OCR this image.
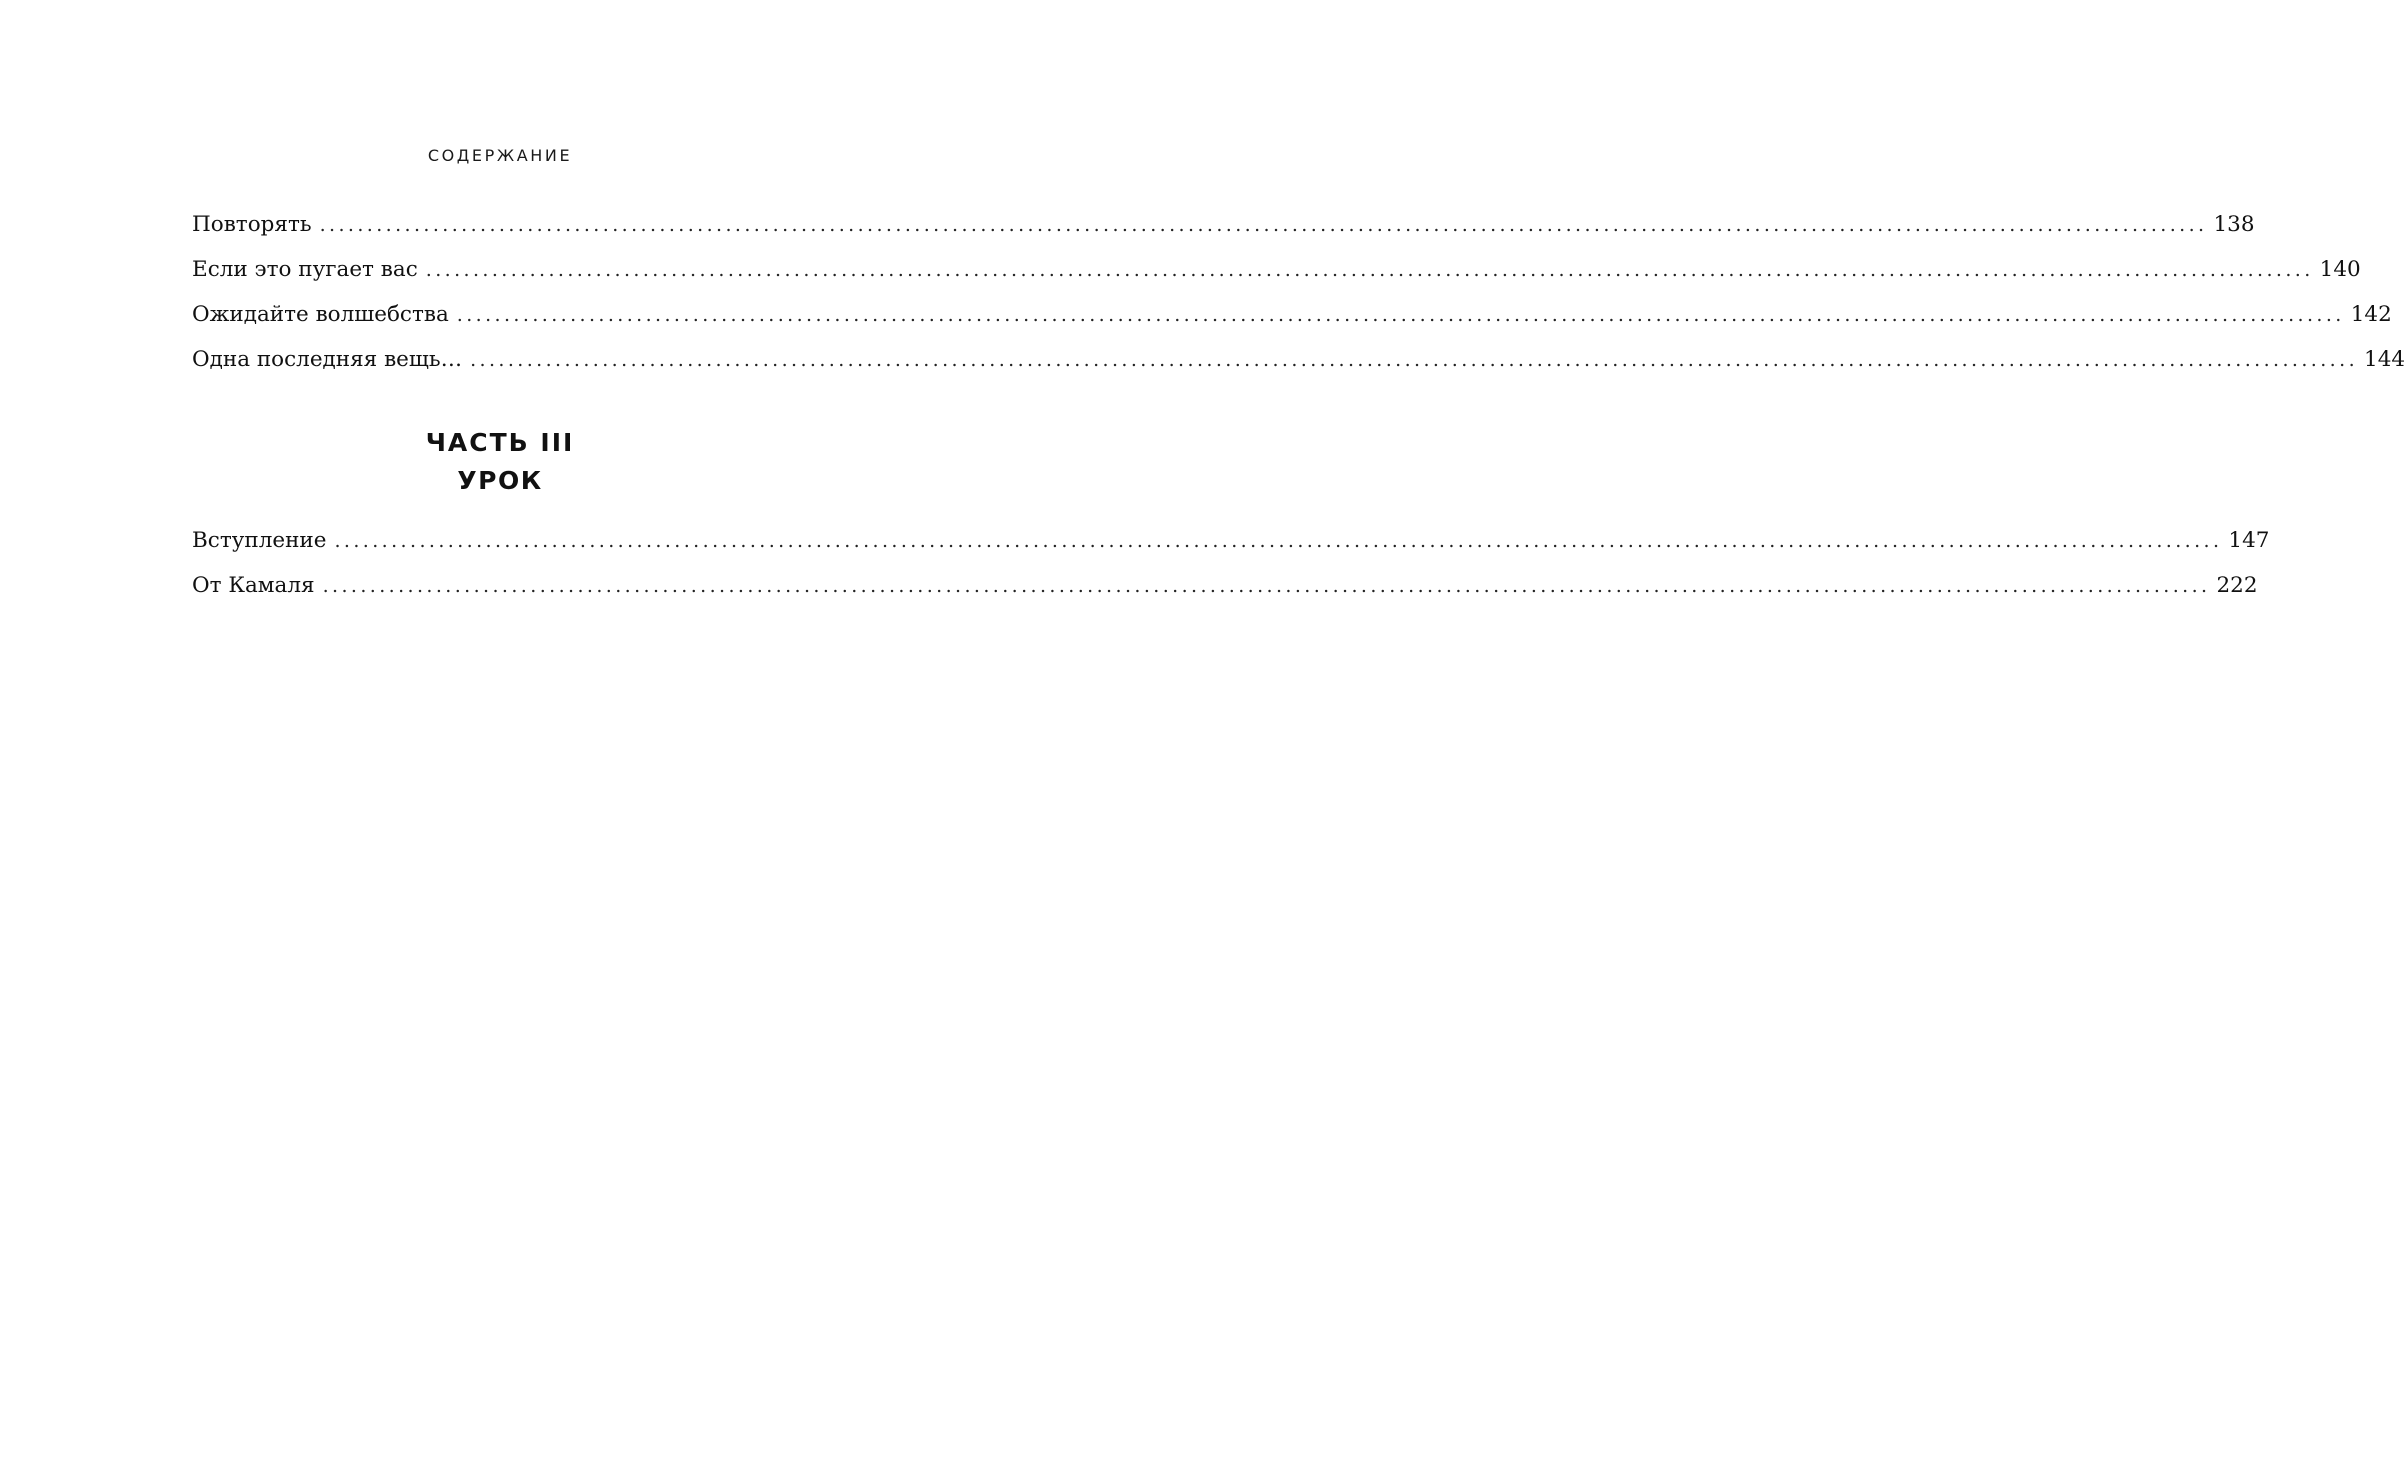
СОДЕРЖАНИЕ

Повторять ........................................................................................................................................................................................................ 138
Если это пугает вас ........................................................................................................................................................................................................ 140
Ожидайте волшебства ........................................................................................................................................................................................................ 142
Одна последняя вещь… ........................................................................................................................................................................................................ 144
ЧАСТЬ III
УРОК
Вступление ........................................................................................................................................................................................................ 147
От Камаля ........................................................................................................................................................................................................ 222
